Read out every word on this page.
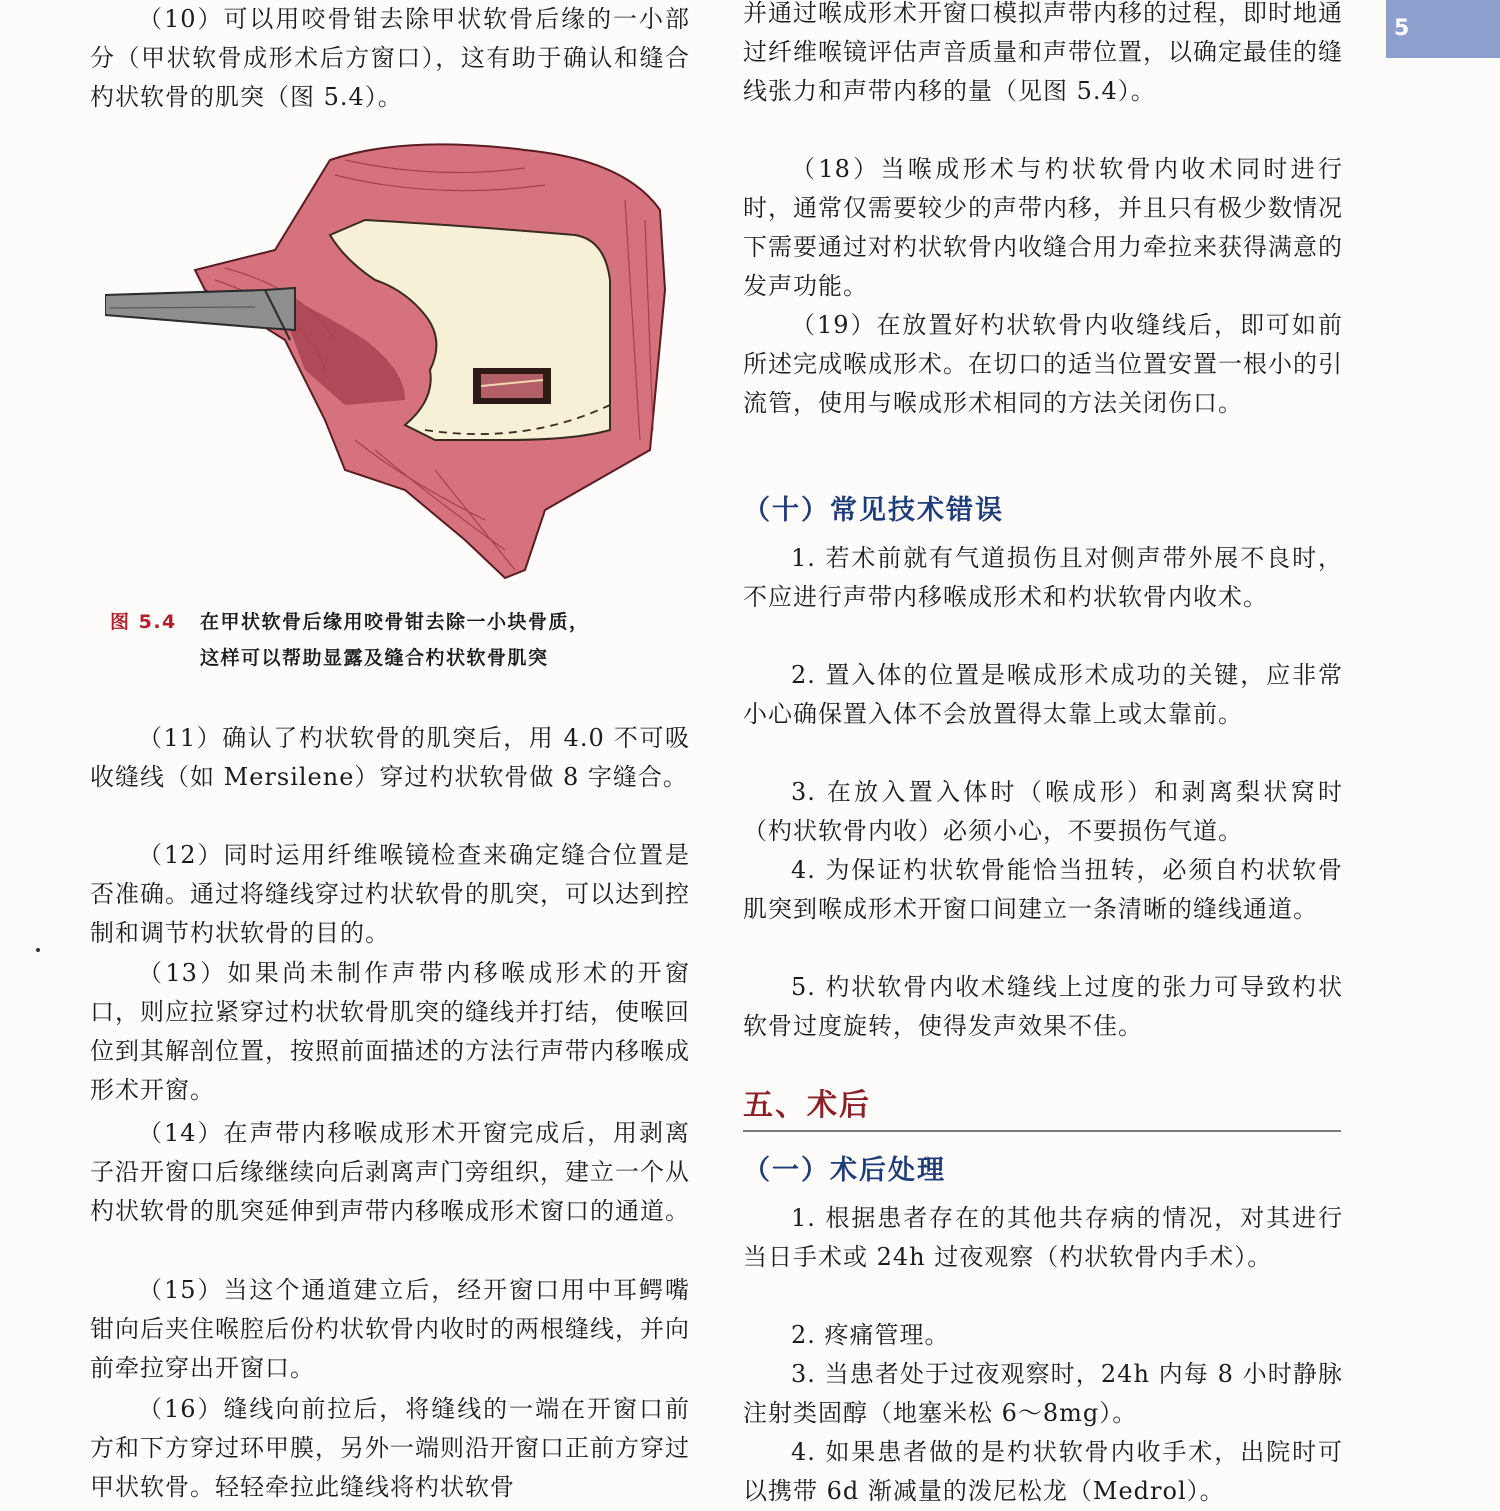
5

（10）可以用咬骨钳去除甲状软骨后缘的一小部分（甲状软骨成形术后方窗口），这有助于确认和缝合杓状软骨的肌突（图 5.4）。

图 5.4 在甲状软骨后缘用咬骨钳去除一小块骨质，
这样可以帮助显露及缝合杓状软骨肌突

（11）确认了杓状软骨的肌突后，用 4.0 不可吸收缝线（如 Mersilene）穿过杓状软骨做 8 字缝合。

（12）同时运用纤维喉镜检查来确定缝合位置是否准确。通过将缝线穿过杓状软骨的肌突，可以达到控制和调节杓状软骨的目的。

（13）如果尚未制作声带内移喉成形术的开窗口，则应拉紧穿过杓状软骨肌突的缝线并打结，使喉回位到其解剖位置，按照前面描述的方法行声带内移喉成形术开窗。

（14）在声带内移喉成形术开窗完成后，用剥离子沿开窗口后缘继续向后剥离声门旁组织，建立一个从杓状软骨的肌突延伸到声带内移喉成形术窗口的通道。

（15）当这个通道建立后，经开窗口用中耳鳄嘴钳向后夹住喉腔后份杓状软骨内收时的两根缝线，并向前牵拉穿出开窗口。

（16）缝线向前拉后，将缝线的一端在开窗口前方和下方穿过环甲膜，另外一端则沿开窗口正前方穿过甲状软骨。轻轻牵拉此缝线将杓状软骨

并通过喉成形术开窗口模拟声带内移的过程，即时地通过纤维喉镜评估声音质量和声带位置，以确定最佳的缝线张力和声带内移的量（见图 5.4）。

（18）当喉成形术与杓状软骨内收术同时进行时，通常仅需要较少的声带内移，并且只有极少数情况下需要通过对杓状软骨内收缝合用力牵拉来获得满意的发声功能。

（19）在放置好杓状软骨内收缝线后，即可如前所述完成喉成形术。在切口的适当位置安置一根小的引流管，使用与喉成形术相同的方法关闭伤口。

（十）常见技术错误

1. 若术前就有气道损伤且对侧声带外展不良时，不应进行声带内移喉成形术和杓状软骨内收术。

2. 置入体的位置是喉成形术成功的关键，应非常小心确保置入体不会放置得太靠上或太靠前。

3. 在放入置入体时（喉成形）和剥离梨状窝时（杓状软骨内收）必须小心，不要损伤气道。

4. 为保证杓状软骨能恰当扭转，必须自杓状软骨肌突到喉成形术开窗口间建立一条清晰的缝线通道。

5. 杓状软骨内收术缝线上过度的张力可导致杓状软骨过度旋转，使得发声效果不佳。

五、术后
（一）术后处理

1. 根据患者存在的其他共存病的情况，对其进行当日手术或 24h 过夜观察（杓状软骨内手术）。

2. 疼痛管理。

3. 当患者处于过夜观察时，24h 内每 8 小时静脉注射类固醇（地塞米松 6～8mg）。

4. 如果患者做的是杓状软骨内收手术，出院时可以携带 6d 渐减量的泼尼松龙（Medrol）。
